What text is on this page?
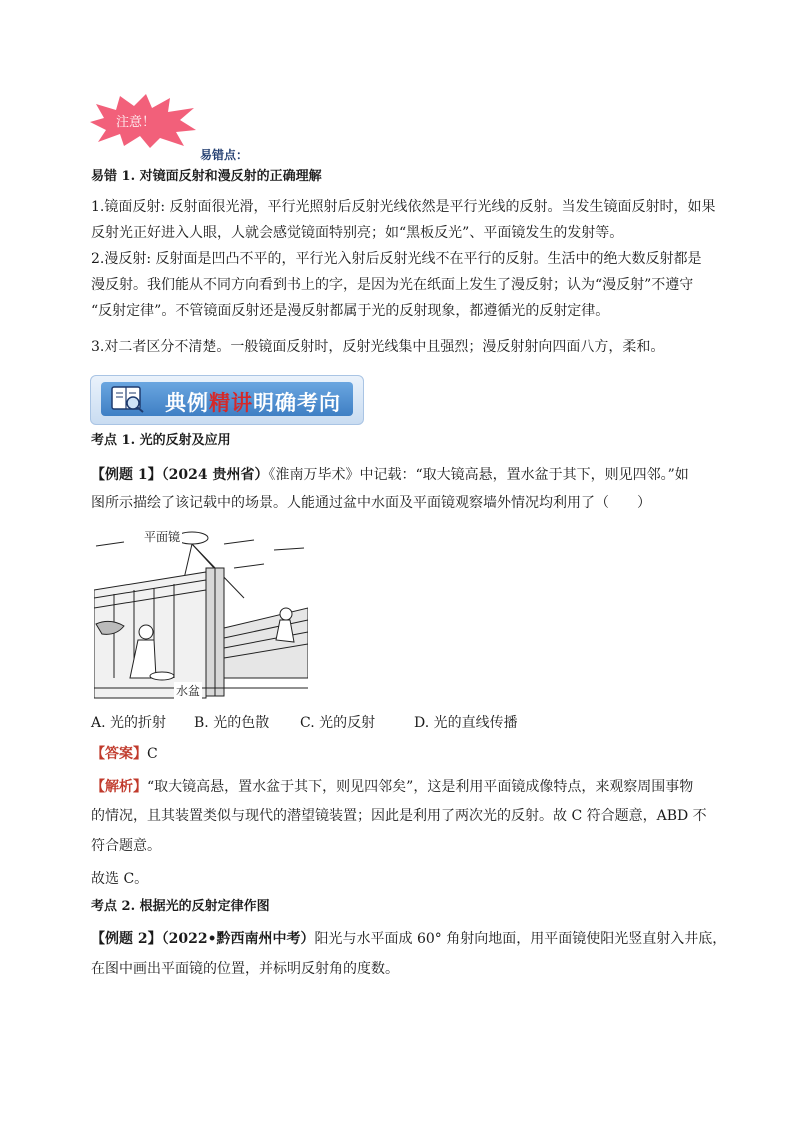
注意！
易错点：
易错 1. 对镜面反射和漫反射的正确理解
1.镜面反射: 反射面很光滑，平行光照射后反射光线依然是平行光线的反射。当发生镜面反射时，如果
反射光正好进入人眼，人就会感觉镜面特别亮；如“黑板反光”、平面镜发生的发射等。
2.漫反射: 反射面是凹凸不平的，平行光入射后反射光线不在平行的反射。生活中的绝大数反射都是
漫反射。我们能从不同方向看到书上的字，是因为光在纸面上发生了漫反射；认为“漫反射”不遵守
“反射定律”。不管镜面反射还是漫反射都属于光的反射现象，都遵循光的反射定律。
3.对二者区分不清楚。一般镜面反射时，反射光线集中且强烈；漫反射射向四面八方，柔和。
典例精讲明确考向
考点 1. 光的反射及应用
【例题 1】（2024 贵州省）《淮南万毕术》中记载：“取大镜高悬，置水盆于其下，则见四邻。”如
图所示描绘了该记载中的场景。人能通过盆中水面及平面镜观察墙外情况均利用了（　　）
平面镜
水盆
A. 光的折射 B. 光的色散 C. 光的反射	D. 光的直线传播
【答案】C
【解析】“取大镜高悬，置水盆于其下，则见四邻矣”，这是利用平面镜成像特点，来观察周围事物
的情况，且其装置类似与现代的潜望镜装置；因此是利用了两次光的反射。故 C 符合题意，ABD 不
符合题意。
故选 C。
考点 2. 根据光的反射定律作图
【例题 2】（2022•黔西南州中考）阳光与水平面成 60° 角射向地面，用平面镜使阳光竖直射入井底，
在图中画出平面镜的位置，并标明反射角的度数。
